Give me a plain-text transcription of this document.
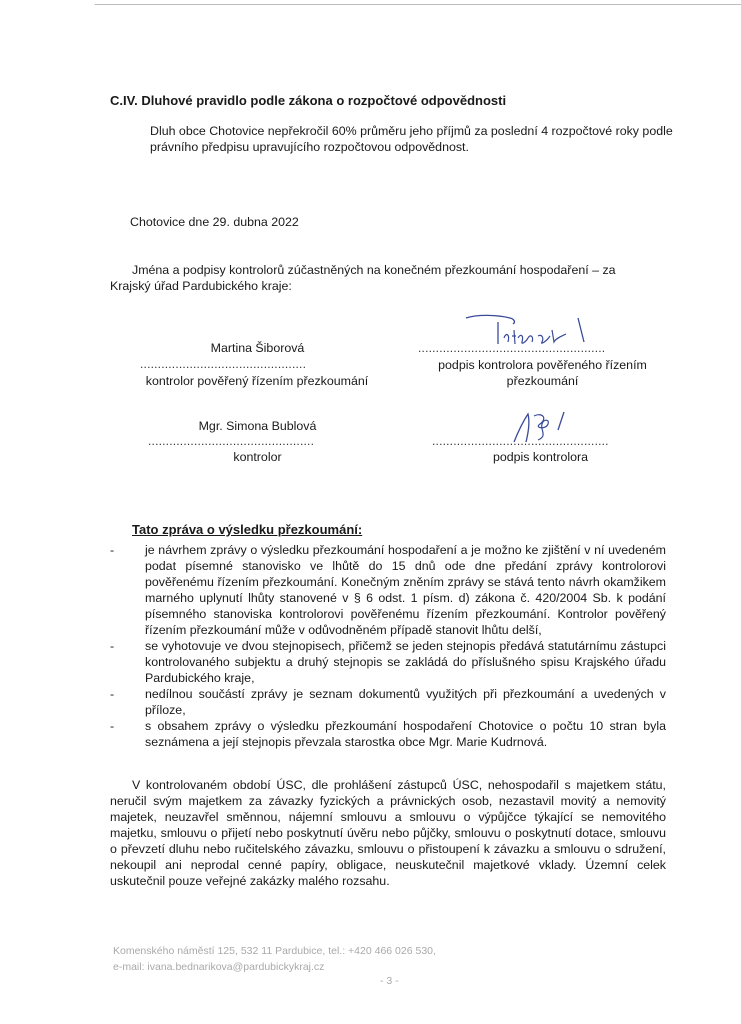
C.IV. Dluhové pravidlo podle zákona o rozpočtové odpovědnosti
Dluh obce Chotovice nepřekročil 60% průměru jeho příjmů za poslední 4 rozpočtové roky podle právního předpisu upravujícího rozpočtovou odpovědnost.
Chotovice dne 29. dubna 2022
Jména a podpisy kontrolorů zúčastněných na konečném přezkoumání hospodaření – za Krajský úřad Pardubického kraje:
Martina Šiborová
...............................................
kontrolor pověřený řízením přezkoumání
.....................................................
podpis kontrolora pověřeného řízením přezkoumání
Mgr. Simona Bublová
...............................................
kontrolor
..................................................
podpis kontrolora
Tato zpráva o výsledku přezkoumání:
- je návrhem zprávy o výsledku přezkoumání hospodaření a je možno ke zjištění v ní uvedeném podat písemné stanovisko ve lhůtě do 15 dnů ode dne předání zprávy kontrolorovi pověřenému řízením přezkoumání. Konečným zněním zprávy se stává tento návrh okamžikem marného uplynutí lhůty stanovené v § 6 odst. 1 písm. d) zákona č. 420/2004 Sb. k podání písemného stanoviska kontrolorovi pověřenému řízením přezkoumání. Kontrolor pověřený řízením přezkoumání může v odůvodněném případě stanovit lhůtu delší,
- se vyhotovuje ve dvou stejnopisech, přičemž se jeden stejnopis předává statutárnímu zástupci kontrolovaného subjektu a druhý stejnopis se zakládá do příslušného spisu Krajského úřadu Pardubického kraje,
- nedílnou součástí zprávy je seznam dokumentů využitých při přezkoumání a uvedených v příloze,
- s obsahem zprávy o výsledku přezkoumání hospodaření Chotovice o počtu 10 stran byla seznámena a její stejnopis převzala starostka obce Mgr. Marie Kudrnová.
V kontrolovaném období ÚSC, dle prohlášení zástupců ÚSC, nehospodařil s majetkem státu, neručil svým majetkem za závazky fyzických a právnických osob, nezastavil movitý a nemovitý majetek, neuzavřel směnnou, nájemní smlouvu a smlouvu o výpůjčce týkající se nemovitého majetku, smlouvu o přijetí nebo poskytnutí úvěru nebo půjčky, smlouvu o poskytnutí dotace, smlouvu o převzetí dluhu nebo ručitelského závazku, smlouvu o přistoupení k závazku a smlouvu o sdružení, nekoupil ani neprodal cenné papíry, obligace, neuskutečnil majetkové vklady. Územní celek uskutečnil pouze veřejné zakázky malého rozsahu.
Komenského náměstí 125, 532 11 Pardubice, tel.: +420 466 026 530,
e-mail: ivana.bednarikova@pardubickykraj.cz
- 3 -
